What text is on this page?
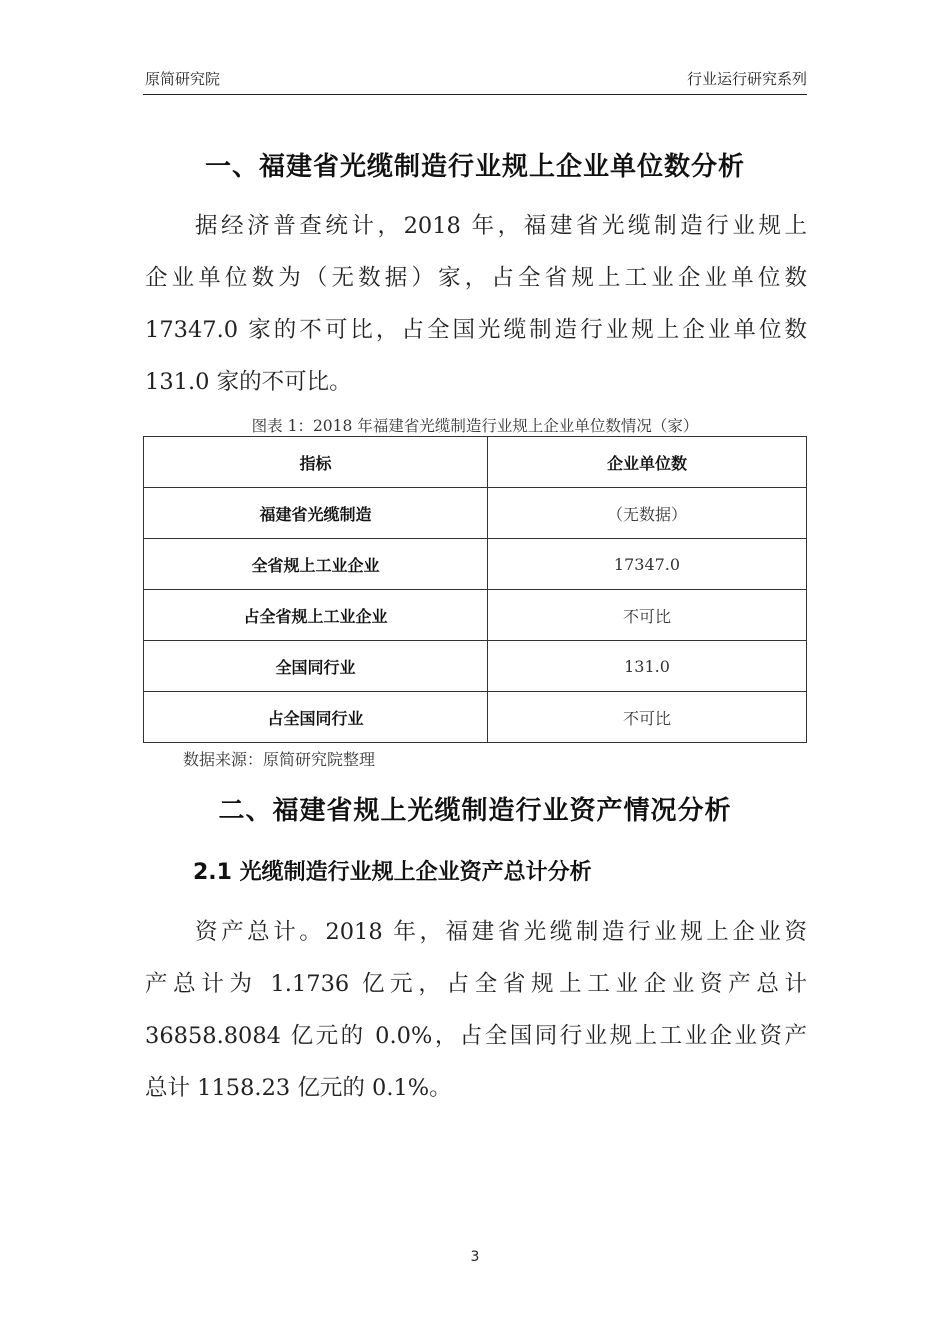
原简研究院	行业运行研究系列
一、福建省光缆制造行业规上企业单位数分析
据经济普查统计，2018 年，福建省光缆制造行业规上
企业单位数为（无数据）家，占全省规上工业企业单位数
17347.0 家的不可比，占全国光缆制造行业规上企业单位数
131.0 家的不可比。
图表 1：2018 年福建省光缆制造行业规上企业单位数情况（家）
指标	企业单位数
福建省光缆制造	（无数据）
全省规上工业企业	17347.0
占全省规上工业企业	不可比
全国同行业	131.0
占全国同行业	不可比
数据来源：原简研究院整理
二、福建省规上光缆制造行业资产情况分析
2.1 光缆制造行业规上企业资产总计分析
资产总计。2018 年，福建省光缆制造行业规上企业资
产总计为 1.1736 亿元，占全省规上工业企业资产总计
36858.8084 亿元的 0.0%，占全国同行业规上工业企业资产
总计 1158.23 亿元的 0.1%。
3
